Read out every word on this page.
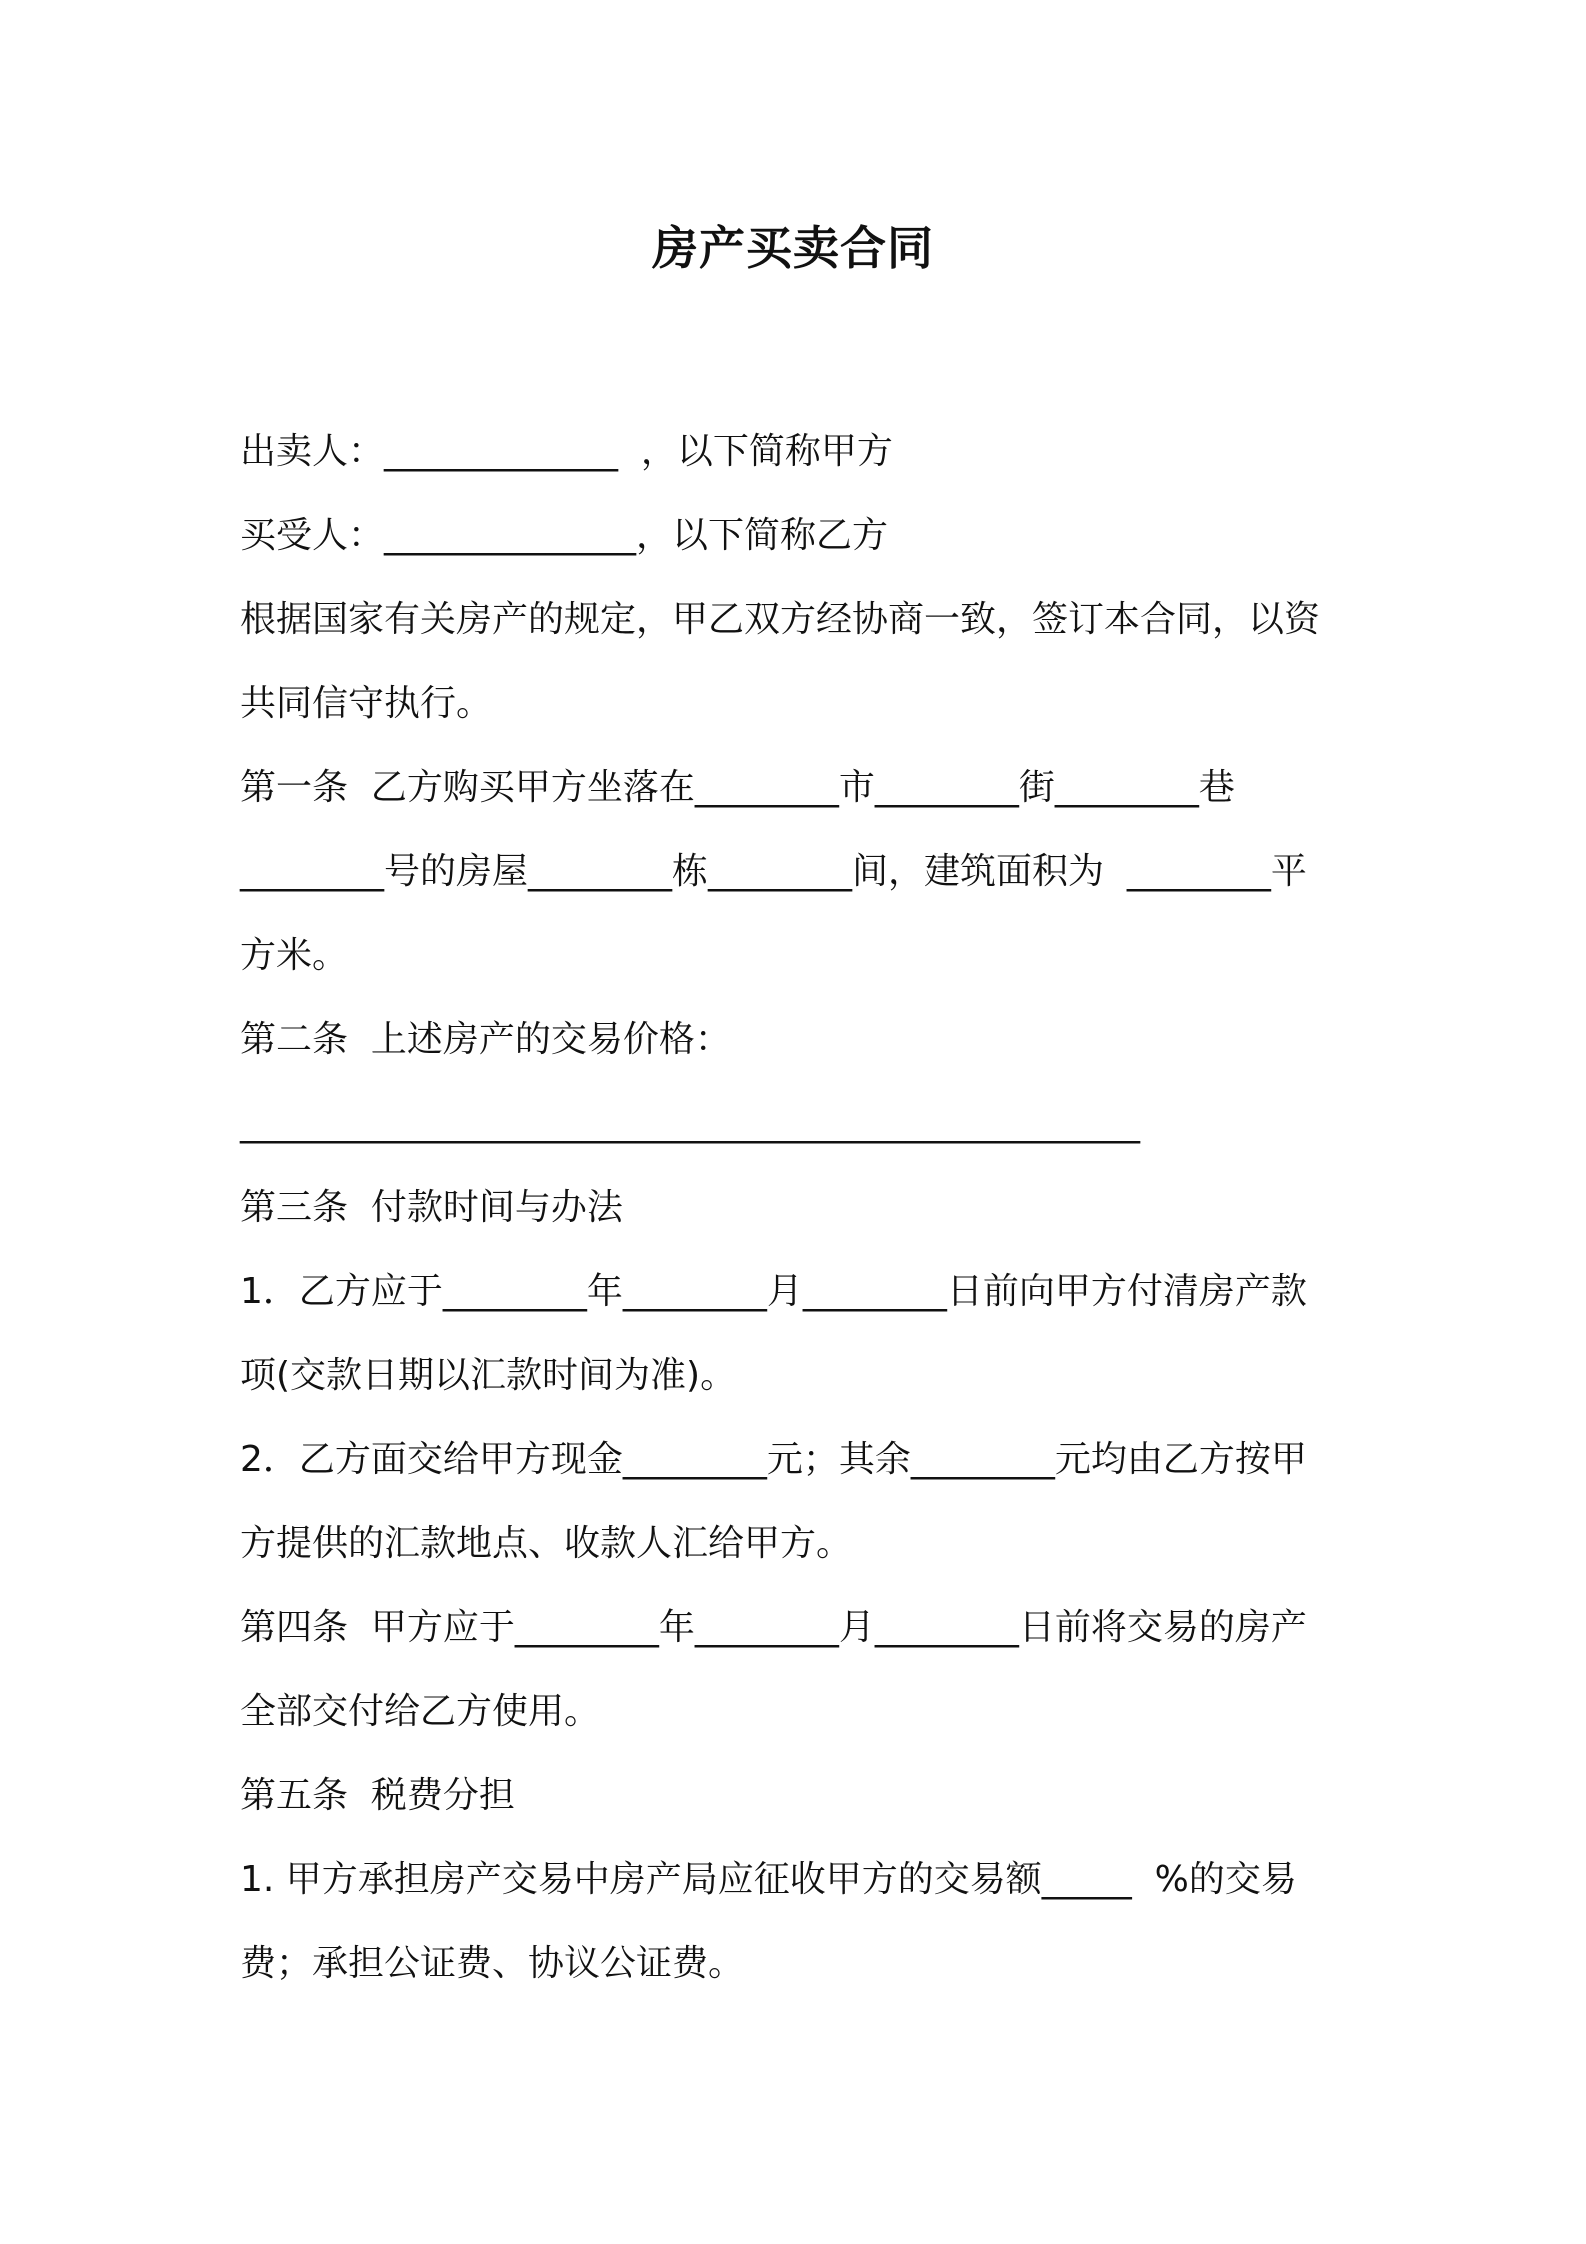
房产买卖合同
出卖人：_____________  ，以下简称甲方
买受人：______________，以下简称乙方
根据国家有关房产的规定，甲乙双方经协商一致，签订本合同，以资
共同信守执行。
第一条  乙方购买甲方坐落在________市________街________巷
________号的房屋________栋________间，建筑面积为  ________平
方米。
第二条  上述房产的交易价格：
__________________________________________________
第三条  付款时间与办法
1．乙方应于________年________月________日前向甲方付清房产款
项(交款日期以汇款时间为准)。
2．乙方面交给甲方现金________元；其余________元均由乙方按甲
方提供的汇款地点、收款人汇给甲方。
第四条  甲方应于________年________月________日前将交易的房产
全部交付给乙方使用。
第五条  税费分担
1. 甲方承担房产交易中房产局应征收甲方的交易额_____  %的交易
费；承担公证费、协议公证费。
